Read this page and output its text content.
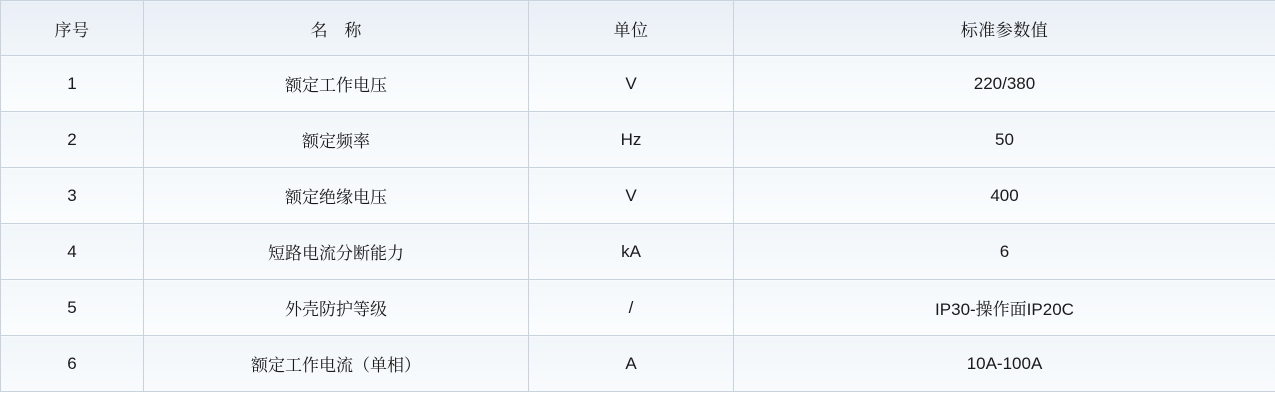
序号	名 称	单位	标准参数值
1	额定工作电压	V	220/380
2	额定频率	Hz	50
3	额定绝缘电压	V	400
4	短路电流分断能力	kA	6
5	外壳防护等级	/	IP30-操作面IP20C
6	额定工作电流（单相）	A	10A-100A
